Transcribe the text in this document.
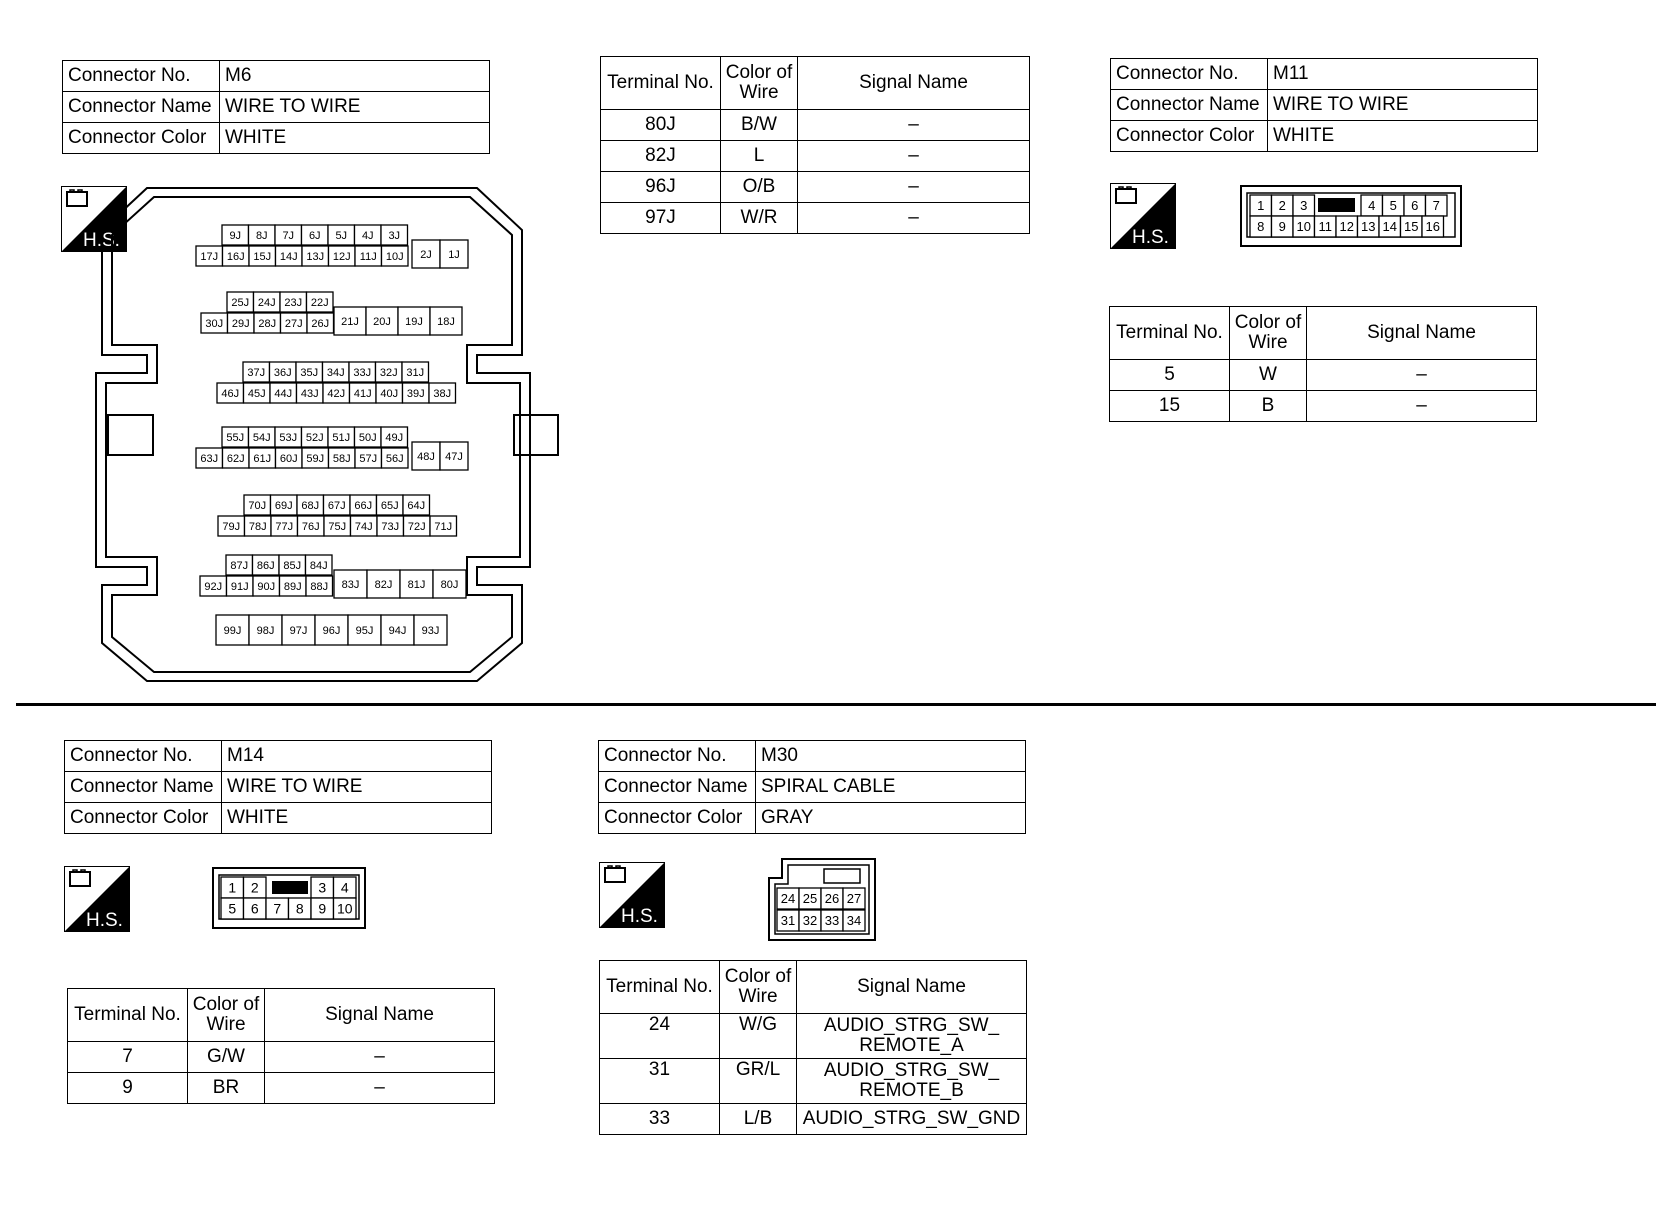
Connector No.	M6
Connector Name	WIRE TO WIRE
Connector Color	WHITE
H.S.	9J 8J 7J 6J 5J 4J 3J
17J 16J 15J 14J 13J 12J 11J 10J 2J 1J
25J 24J 23J 22J
30J 29J 28J 27J 26J 21J 20J 19J 18J
37J 36J 35J 34J 33J 32J 31J
46J 45J 44J 43J 42J 41J 40J 39J 38J
55J 54J 53J 52J 51J 50J 49J
63J 62J 61J 60J 59J 58J 57J 56J 48J 47J
70J 69J 68J 67J 66J 65J 64J
79J 78J 77J 76J 75J 74J 73J 72J 71J
87J 86J 85J 84J
92J 91J 90J 89J 88J 83J 82J 81J 80J
99J 98J 97J 96J 95J 94J 93J
Terminal No.	Color of Wire	Signal Name
80J	B/W	–
82J	L	–
96J	O/B	–
97J	W/R	–
Connector No.	M11
Connector Name	WIRE TO WIRE
Connector Color	WHITE
H.S.
1 2 3	4 5 6 7
8 9 10 11 12 13 14 15 16
Terminal No.	Color of Wire	Signal Name
5	W	–
15	B	–
Connector No.	M14
Connector Name	WIRE TO WIRE
Connector Color	WHITE
H.S.
1 2	3 4
5 6 7 8 9 10
Terminal No.	Color of Wire	Signal Name
7	G/W	–
9	BR	–
Connector No.	M30
Connector Name	SPIRAL CABLE
Connector Color	GRAY
H.S.
24 25 26 27
31 32 33 34
Terminal No.	Color of Wire	Signal Name
24	W/G	AUDIO_STRG_SW_ REMOTE_A
31	GR/L	AUDIO_STRG_SW_ REMOTE_B
33	L/B	AUDIO_STRG_SW_GND
